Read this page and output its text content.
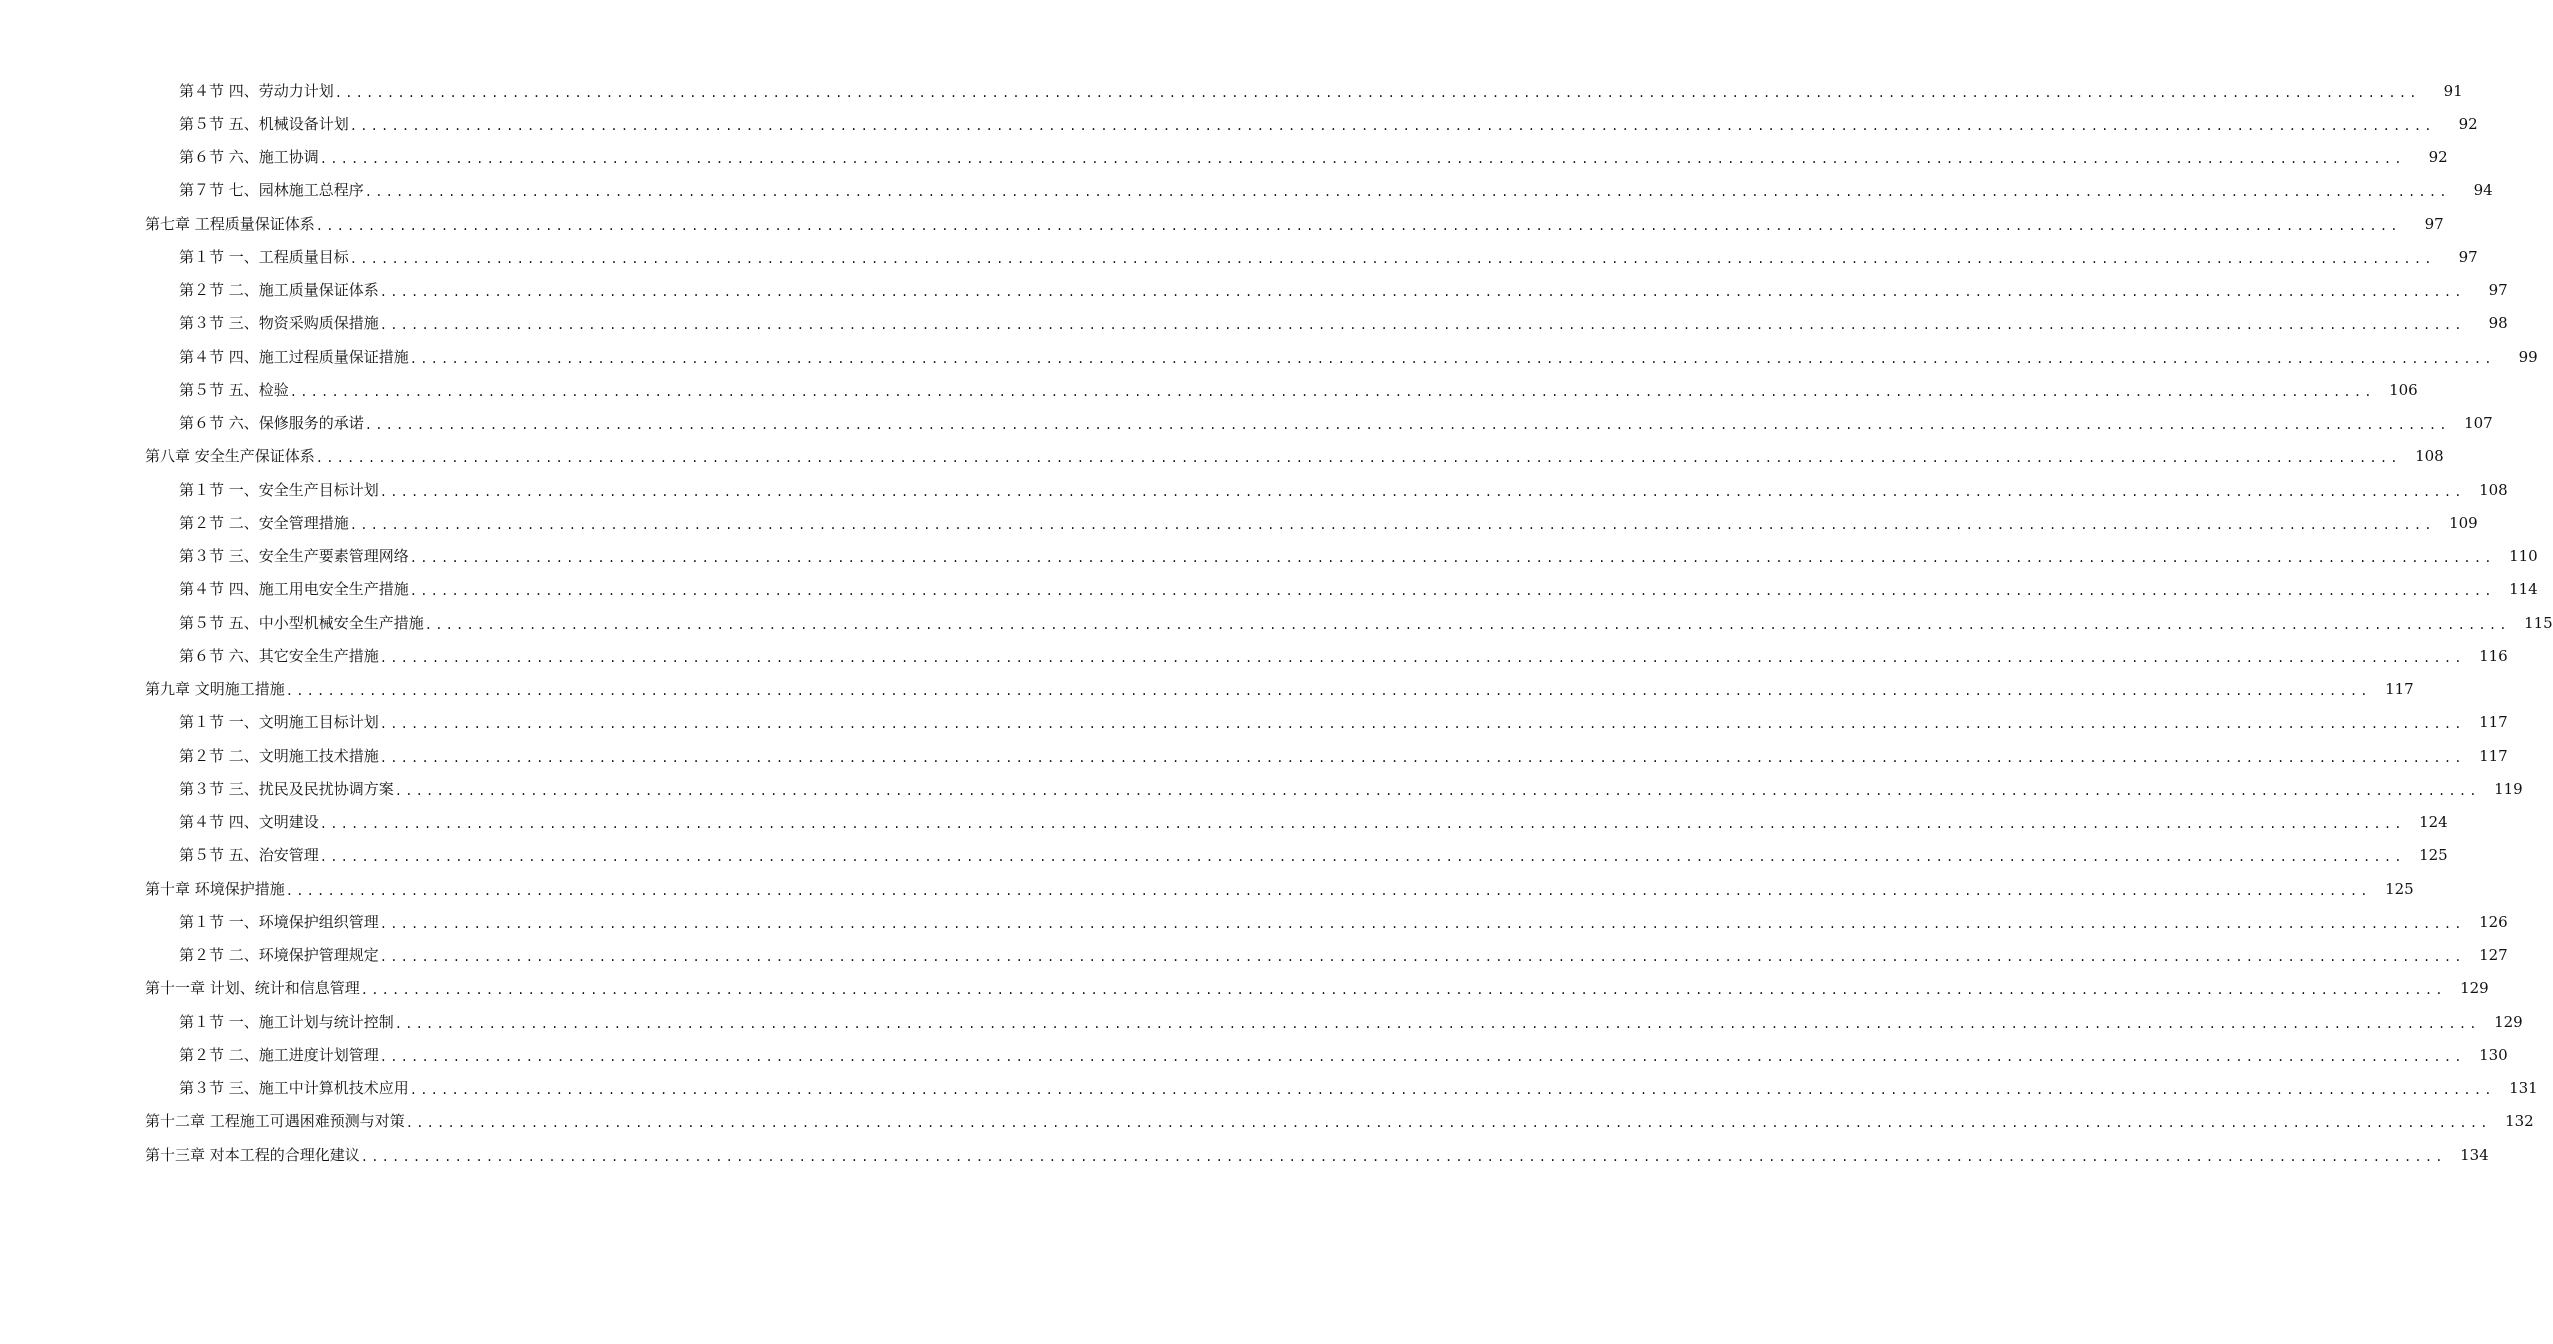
第４节 四、劳动力计划 ........................................................................................................................................................................................................	91
第５节 五、机械设备计划 ........................................................................................................................................................................................................	92
第６节 六、施工协调 ........................................................................................................................................................................................................	92
第７节 七、园林施工总程序 ........................................................................................................................................................................................................	94
第七章 工程质量保证体系 ........................................................................................................................................................................................................	97
第１节 一、工程质量目标 ........................................................................................................................................................................................................	97
第２节 二、施工质量保证体系 ........................................................................................................................................................................................................	97
第３节 三、物资采购质保措施 ........................................................................................................................................................................................................	98
第４节 四、施工过程质量保证措施 ........................................................................................................................................................................................................	99
第５节 五、检验 ........................................................................................................................................................................................................ 106
第６节 六、保修服务的承诺 ........................................................................................................................................................................................................ 107
第八章 安全生产保证体系 ........................................................................................................................................................................................................ 108
第１节 一、安全生产目标计划 ........................................................................................................................................................................................................ 108
第２节 二、安全管理措施 ........................................................................................................................................................................................................ 109
第３节 三、安全生产要素管理网络 ........................................................................................................................................................................................................ 110
第４节 四、施工用电安全生产措施 ........................................................................................................................................................................................................ 114
第５节 五、中小型机械安全生产措施 ........................................................................................................................................................................................................ 115
第６节 六、其它安全生产措施 ........................................................................................................................................................................................................ 116
第九章 文明施工措施 ........................................................................................................................................................................................................ 117
第１节 一、文明施工目标计划 ........................................................................................................................................................................................................ 117
第２节 二、文明施工技术措施 ........................................................................................................................................................................................................ 117
第３节 三、扰民及民扰协调方案 ........................................................................................................................................................................................................ 119
第４节 四、文明建设 ........................................................................................................................................................................................................ 124
第５节 五、治安管理 ........................................................................................................................................................................................................ 125
第十章 环境保护措施 ........................................................................................................................................................................................................ 125
第１节 一、环境保护组织管理 ........................................................................................................................................................................................................ 126
第２节 二、环境保护管理规定 ........................................................................................................................................................................................................ 127
第十一章 计划、统计和信息管理 ........................................................................................................................................................................................................ 129
第１节 一、施工计划与统计控制 ........................................................................................................................................................................................................ 129
第２节 二、施工进度计划管理 ........................................................................................................................................................................................................ 130
第３节 三、施工中计算机技术应用 ........................................................................................................................................................................................................ 131
第十二章 工程施工可遇困难预测与对策 ........................................................................................................................................................................................................ 132
第十三章 对本工程的合理化建议 ........................................................................................................................................................................................................ 134
